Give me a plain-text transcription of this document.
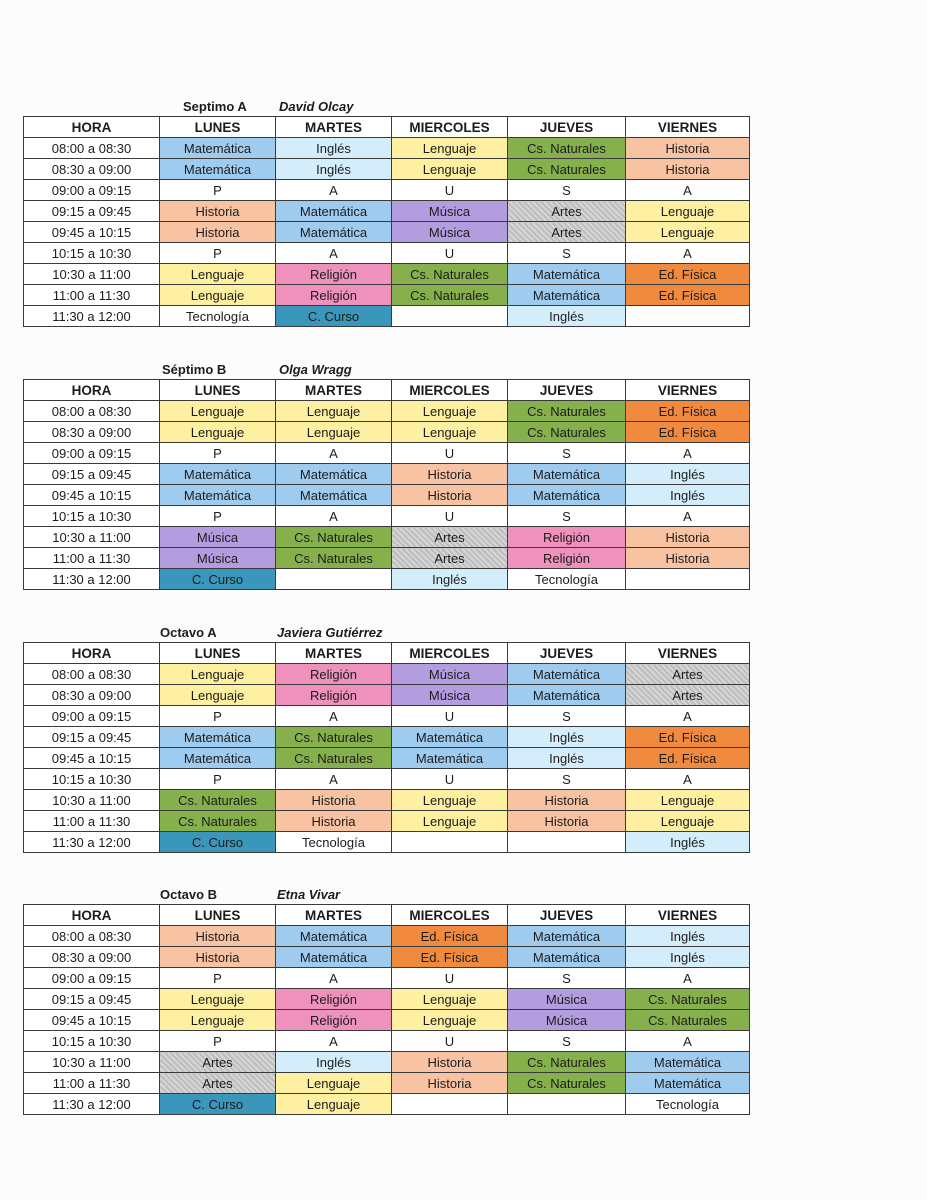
Septimo A David Olcay
HORA	LUNES	MARTES	MIERCOLES	JUEVES	VIERNES
08:00 a 08:30	Matemática	Inglés	Lenguaje	Cs. Naturales	Historia
08:30 a 09:00	Matemática	Inglés	Lenguaje	Cs. Naturales	Historia
09:00 a 09:15	P	A	U	S	A
09:15 a 09:45	Historia	Matemática	Música	Artes	Lenguaje
09:45 a 10:15	Historia	Matemática	Música	Artes	Lenguaje
10:15 a 10:30	P	A	U	S	A
10:30 a 11:00	Lenguaje	Religión	Cs. Naturales	Matemática	Ed. Física
11:00 a 11:30	Lenguaje	Religión	Cs. Naturales	Matemática	Ed. Física
11:30 a 12:00	Tecnología	C. Curso		Inglés	
Séptimo B	Olga Wragg
HORA	LUNES	MARTES	MIERCOLES	JUEVES	VIERNES
08:00 a 08:30	Lenguaje	Lenguaje	Lenguaje	Cs. Naturales	Ed. Física
08:30 a 09:00	Lenguaje	Lenguaje	Lenguaje	Cs. Naturales	Ed. Física
09:00 a 09:15	P	A	U	S	A
09:15 a 09:45	Matemática	Matemática	Historia	Matemática	Inglés
09:45 a 10:15	Matemática	Matemática	Historia	Matemática	Inglés
10:15 a 10:30	P	A	U	S	A
10:30 a 11:00	Música	Cs. Naturales	Artes	Religión	Historia
11:00 a 11:30	Música	Cs. Naturales	Artes	Religión	Historia
11:30 a 12:00	C. Curso		Inglés	Tecnología	
Octavo A	Javiera Gutiérrez
HORA	LUNES	MARTES	MIERCOLES	JUEVES	VIERNES
08:00 a 08:30	Lenguaje	Religión	Música	Matemática	Artes
08:30 a 09:00	Lenguaje	Religión	Música	Matemática	Artes
09:00 a 09:15	P	A	U	S	A
09:15 a 09:45	Matemática	Cs. Naturales	Matemática	Inglés	Ed. Física
09:45 a 10:15	Matemática	Cs. Naturales	Matemática	Inglés	Ed. Física
10:15 a 10:30	P	A	U	S	A
10:30 a 11:00	Cs. Naturales	Historia	Lenguaje	Historia	Lenguaje
11:00 a 11:30	Cs. Naturales	Historia	Lenguaje	Historia	Lenguaje
11:30 a 12:00	C. Curso	Tecnología			Inglés
Octavo B	Etna Vivar
HORA	LUNES	MARTES	MIERCOLES	JUEVES	VIERNES
08:00 a 08:30	Historia	Matemática	Ed. Física	Matemática	Inglés
08:30 a 09:00	Historia	Matemática	Ed. Física	Matemática	Inglés
09:00 a 09:15	P	A	U	S	A
09:15 a 09:45	Lenguaje	Religión	Lenguaje	Música	Cs. Naturales
09:45 a 10:15	Lenguaje	Religión	Lenguaje	Música	Cs. Naturales
10:15 a 10:30	P	A	U	S	A
10:30 a 11:00	Artes	Inglés	Historia	Cs. Naturales	Matemática
11:00 a 11:30	Artes	Lenguaje	Historia	Cs. Naturales	Matemática
11:30 a 12:00	C. Curso	Lenguaje			Tecnología
